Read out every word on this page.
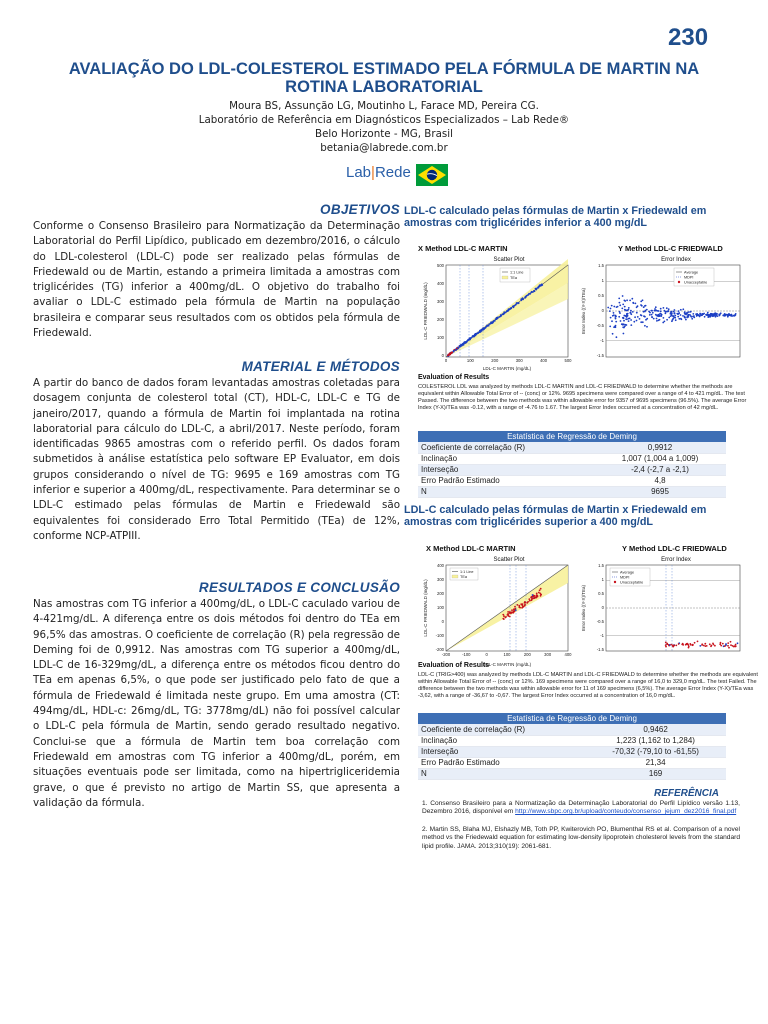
230
AVALIAÇÃO DO LDL-COLESTEROL ESTIMADO PELA FÓRMULA DE MARTIN NA ROTINA LABORATORIAL
Moura BS, Assunção LG, Moutinho L, Farace MD, Pereira CG.
Laboratório de Referência em Diagnósticos Especializados – Lab Rede®
Belo Horizonte - MG, Brasil
betania@labrede.com.br
Lab|Rede
OBJETIVOS
Conforme o Consenso Brasileiro para Normatização da Determinação Laboratorial do Perfil Lipídico, publicado em dezembro/2016, o cálculo do LDL-colesterol (LDL-C) pode ser realizado pelas fórmulas de Friedewald ou de Martin, estando a primeira limitada a amostras com triglicérides (TG) inferior a 400mg/dL. O objetivo do trabalho foi avaliar o LDL-C estimado pela fórmula de Martin na população brasileira e comparar seus resultados com os obtidos pela fórmula de Friedewald.
MATERIAL E MÉTODOS
A partir do banco de dados foram levantadas amostras coletadas para dosagem conjunta de colesterol total (CT), HDL-C, LDL-C e TG de janeiro/2017, quando a fórmula de Martin foi implantada na rotina laboratorial para cálculo do LDL-C, a abril/2017. Neste período, foram identificadas 9865 amostras com o referido perfil. Os dados foram submetidos à análise estatística pelo software EP Evaluator, em dois grupos considerando o nível de TG: 9695 e 169 amostras com TG inferior e superior a 400mg/dL, respectivamente. Para determinar se o LDL-C estimado pelas fórmulas de Martin e Friedewald são equivalentes foi considerado Erro Total Permitido (TEa) de 12%, conforme NCP-ATPIII.
RESULTADOS E CONCLUSÃO
Nas amostras com TG inferior a 400mg/dL, o LDL-C caculado variou de 4-421mg/dL. A diferença entre os dois métodos foi dentro do TEa em 96,5% das amostras. O coeficiente de correlação (R) pela regressão de Deming foi de 0,9912. Nas amostras com TG superior a 400mg/dL, LDL-C de 16-329mg/dL, a diferença entre os métodos ficou dentro do TEa em apenas 6,5%, o que pode ser justificado pelo fato de que a fórmula de Friedewald é limitada neste grupo. Em uma amostra (CT: 494mg/dL, HDL-c: 26mg/dL, TG: 3778mg/dL) não foi possível calcular o LDL-C pela fórmula de Martin, sendo gerado resultado negativo. Conclui-se que a fórmula de Martin tem boa correlação com Friedewald em amostras com TG inferior a 400mg/dL, porém, em situações eventuais pode ser limitada, como na hipertrigliceridemia grave, o que é previsto no artigo de Martin SS, que apresenta a validação da fórmula.
LDL-C calculado pelas fórmulas de Martin x Friedewald em amostras com triglicérides inferior a 400 mg/dL
X Method LDL-C MARTIN	Y Method LDL-C FRIEDWALD
Scatter Plot
1:1 Line
TEa
0	100	200	300	400	500
500
400
300
200
100
0
LDL-C MARTIN (mg/dL)
LDL-C FRIEDWALD (mg/dL)
Error Index
Average
MDPI
Unacceptable
1.5
1
0.5
0
-0.5
-1
-1.5
Error Index ((Y-X)/TEa)
Evaluation of Results
COLESTEROL LDL was analyzed by methods LDL-C MARTIN and LDL-C FRIEDWALD to determine whether the methods are equivalent within Allowable Total Error of -- (conc) or 12%. 9695 specimens were compared over a range of 4 to 421 mg/dL. The test Passed. The difference between the two methods was within allowable error for 9357 of 9695 specimens (96.5%). The average Error Index (Y-X)/TEa was -0.12, with a range of -4.76 to 1.67. The largest Error Index occurred at a concentration of 42 mg/dL.
Estatística de Regressão de Deming	
Coeficiente de correlação (R)	0,9912
Inclinação	1,007 (1,004 a 1,009)
Interseção	-2,4 (-2,7 a -2,1)
Erro Padrão Estimado	4,8
N	9695
LDL-C calculado pelas fórmulas de Martin x Friedewald em amostras com triglicérides superior a 400 mg/dL
X Method LDL-C MARTIN	Y Method LDL-C FRIEDWALD
Scatter Plot
1:1 Line
TEa
-200	-100	0	100	200	300	400
400
300
200
100
0
-100
-200
LDL-C MARTIN (mg/dL)
LDL-C FRIEDWALD (mg/dL)
Error Index
Average
MDPI
Unacceptable
1.5
1
0.5
0
-0.5
-1
-1.5
Error Index ((Y-X)/TEa)
Evaluation of Results
LDL-C (TRIG>400) was analyzed by methods LDL-C MARTIN and LDL-C FRIEDWALD to determine whether the methods are equivalent within Allowable Total Error of -- (conc) or 12%. 169 specimens were compared over a range of 16,0 to 329,0 mg/dL. The test Failed. The difference between the two methods was within allowable error for 11 of 169 specimens (6,5%). The average Error Index (Y-X)/TEa was -3,62, with a range of -36,67 to -0,67. The largest Error Index occurred at a concentration of 16,0 mg/dL.
Estatística de Regressão de Deming	
Coeficiente de correlação (R)	0,9462
Inclinação	1,223 (1,162 to 1,284)
Interseção	-70,32 (-79,10 to -61,55)
Erro Padrão Estimado	21,34
N	169
REFERÊNCIA
1. Consenso Brasileiro para a Normatização da Determinação Laboratorial do Perfil Lipídico versão 1.13, Dezembro 2016, disponível em http://www.sbpc.org.br/upload/conteudo/consenso_jejum_dez2016_final.pdf
2. Martin SS, Blaha MJ, Elshazly MB, Toth PP, Kwiterovich PO, Blumenthal RS et al. Comparison of a novel method vs the Friedewald equation for estimating low-density lipoprotein cholesterol levels from the standard lipid profile. JAMA. 2013;310(19): 2061-681.
